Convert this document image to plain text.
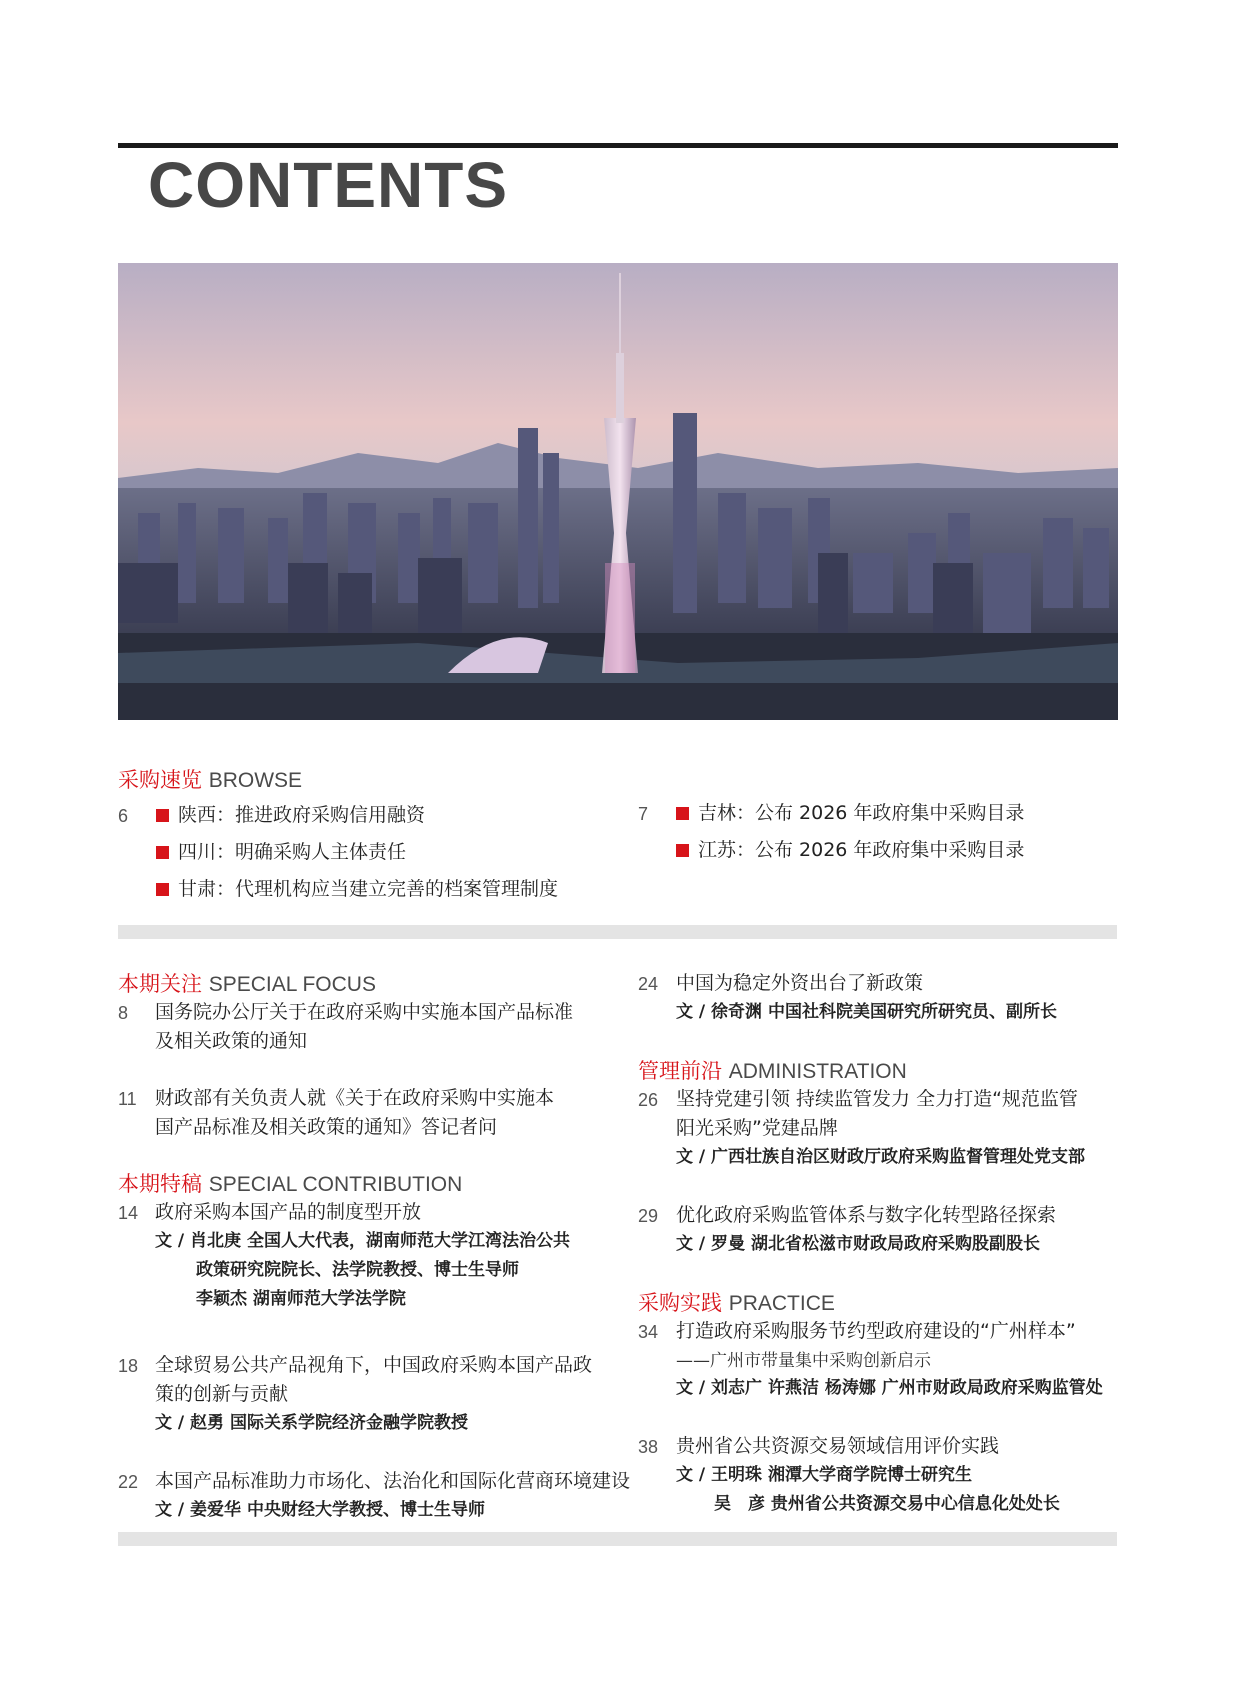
CONTENTS
采购速览 BROWSE
6	陕西：推进政府采购信用融资
四川：明确采购人主体责任
甘肃：代理机构应当建立完善的档案管理制度
7	吉林：公布 2026 年政府集中采购目录
江苏：公布 2026 年政府集中采购目录
本期关注 SPECIAL FOCUS
8 国务院办公厅关于在政府采购中实施本国产品标准
及相关政策的通知
11 财政部有关负责人就《关于在政府采购中实施本
国产品标准及相关政策的通知》答记者问
本期特稿 SPECIAL CONTRIBUTION
14 政府采购本国产品的制度型开放
文 / 肖北庚 全国人大代表，湖南师范大学江湾法治公共
政策研究院院长、法学院教授、博士生导师
李颖杰 湖南师范大学法学院
18 全球贸易公共产品视角下，中国政府采购本国产品政
策的创新与贡献
文 / 赵勇 国际关系学院经济金融学院教授
22 本国产品标准助力市场化、法治化和国际化营商环境建设
文 / 姜爱华 中央财经大学教授、博士生导师
24 中国为稳定外资出台了新政策
文 / 徐奇渊 中国社科院美国研究所研究员、副所长
管理前沿 ADMINISTRATION
26 坚持党建引领 持续监管发力 全力打造“规范监管
阳光采购”党建品牌
文 / 广西壮族自治区财政厅政府采购监督管理处党支部
29 优化政府采购监管体系与数字化转型路径探索
文 / 罗曼 湖北省松滋市财政局政府采购股副股长
采购实践 PRACTICE
34 打造政府采购服务节约型政府建设的“广州样本”
——广州市带量集中采购创新启示
文 / 刘志广 许燕洁 杨涛娜 广州市财政局政府采购监管处
38 贵州省公共资源交易领域信用评价实践
文 / 王明珠 湘潭大学商学院博士研究生
吴　彦 贵州省公共资源交易中心信息化处处长
